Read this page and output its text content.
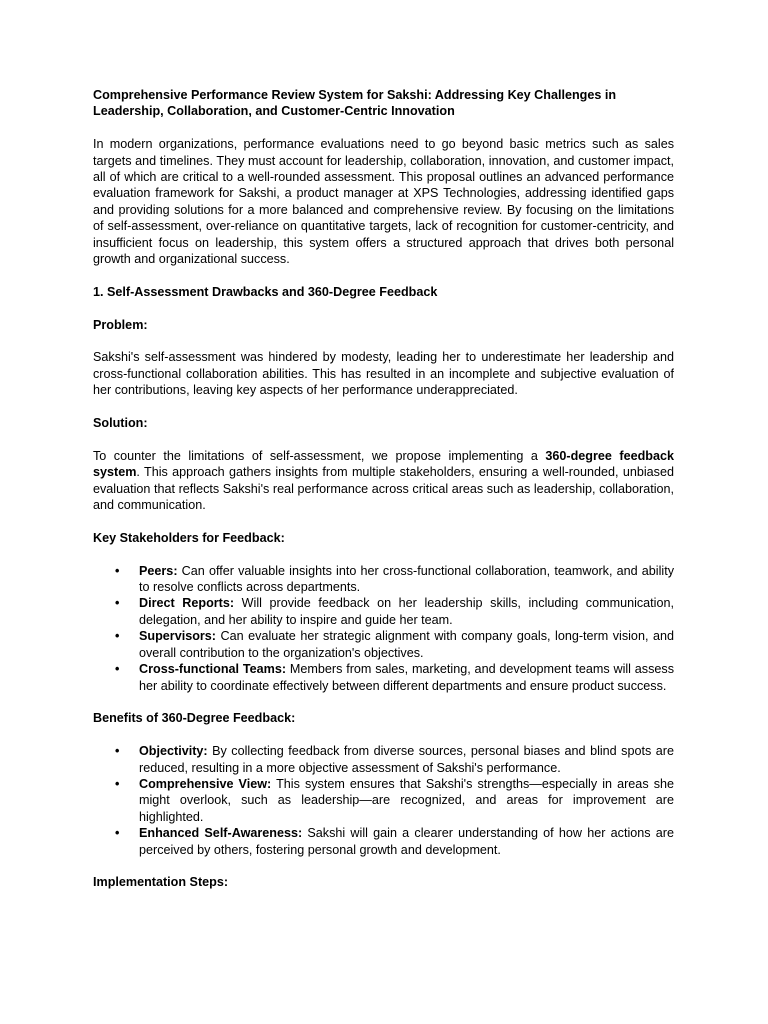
Comprehensive Performance Review System for Sakshi: Addressing Key Challenges in Leadership, Collaboration, and Customer-Centric Innovation

In modern organizations, performance evaluations need to go beyond basic metrics such as sales targets and timelines. They must account for leadership, collaboration, innovation, and customer impact, all of which are critical to a well-rounded assessment. This proposal outlines an advanced performance evaluation framework for Sakshi, a product manager at XPS Technologies, addressing identified gaps and providing solutions for a more balanced and comprehensive review. By focusing on the limitations of self-assessment, over-reliance on quantitative targets, lack of recognition for customer-centricity, and insufficient focus on leadership, this system offers a structured approach that drives both personal growth and organizational success.

1. Self-Assessment Drawbacks and 360-Degree Feedback

Problem:

Sakshi's self-assessment was hindered by modesty, leading her to underestimate her leadership and cross-functional collaboration abilities. This has resulted in an incomplete and subjective evaluation of her contributions, leaving key aspects of her performance underappreciated.

Solution:

To counter the limitations of self-assessment, we propose implementing a 360-degree feedback system. This approach gathers insights from multiple stakeholders, ensuring a well-rounded, unbiased evaluation that reflects Sakshi's real performance across critical areas such as leadership, collaboration, and communication.

Key Stakeholders for Feedback:

• Peers: Can offer valuable insights into her cross-functional collaboration, teamwork, and ability to resolve conflicts across departments.
• Direct Reports: Will provide feedback on her leadership skills, including communication, delegation, and her ability to inspire and guide her team.
• Supervisors: Can evaluate her strategic alignment with company goals, long-term vision, and overall contribution to the organization's objectives.
• Cross-functional Teams: Members from sales, marketing, and development teams will assess her ability to coordinate effectively between different departments and ensure product success.

Benefits of 360-Degree Feedback:

• Objectivity: By collecting feedback from diverse sources, personal biases and blind spots are reduced, resulting in a more objective assessment of Sakshi's performance.
• Comprehensive View: This system ensures that Sakshi's strengths—especially in areas she might overlook, such as leadership—are recognized, and areas for improvement are highlighted.
• Enhanced Self-Awareness: Sakshi will gain a clearer understanding of how her actions are perceived by others, fostering personal growth and development.

Implementation Steps:
